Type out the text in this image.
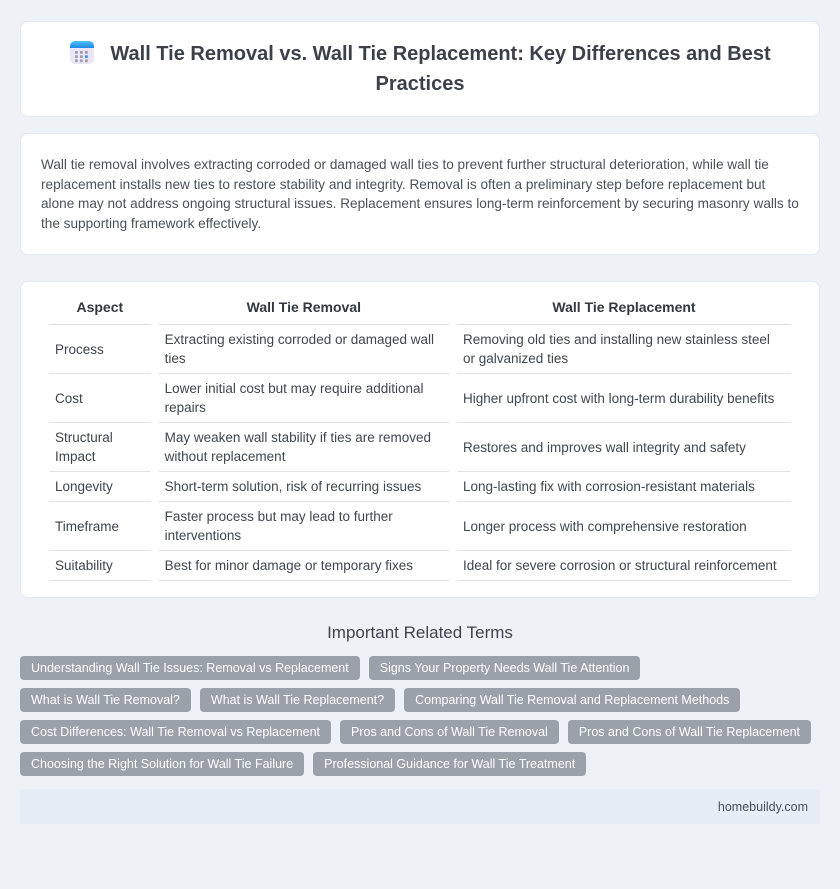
Wall Tie Removal vs. Wall Tie Replacement: Key Differences and Best Practices

Wall tie removal involves extracting corroded or damaged wall ties to prevent further structural deterioration, while wall tie replacement installs new ties to restore stability and integrity. Removal is often a preliminary step before replacement but alone may not address ongoing structural issues. Replacement ensures long-term reinforcement by securing masonry walls to the supporting framework effectively.

Aspect	Wall Tie Removal	Wall Tie Replacement
Process	Extracting existing corroded or damaged wall ties	Removing old ties and installing new stainless steel or galvanized ties
Cost	Lower initial cost but may require additional repairs	Higher upfront cost with long-term durability benefits
Structural Impact	May weaken wall stability if ties are removed without replacement	Restores and improves wall integrity and safety
Longevity	Short-term solution, risk of recurring issues	Long-lasting fix with corrosion-resistant materials
Timeframe	Faster process but may lead to further interventions	Longer process with comprehensive restoration
Suitability	Best for minor damage or temporary fixes	Ideal for severe corrosion or structural reinforcement
Important Related Terms
Understanding Wall Tie Issues: Removal vs Replacement	Signs Your Property Needs Wall Tie Attention
What is Wall Tie Removal?	What is Wall Tie Replacement?	Comparing Wall Tie Removal and Replacement Methods
Cost Differences: Wall Tie Removal vs Replacement	Pros and Cons of Wall Tie Removal	Pros and Cons of Wall Tie Replacement
Choosing the Right Solution for Wall Tie Failure	Professional Guidance for Wall Tie Treatment
homebuildy.com
